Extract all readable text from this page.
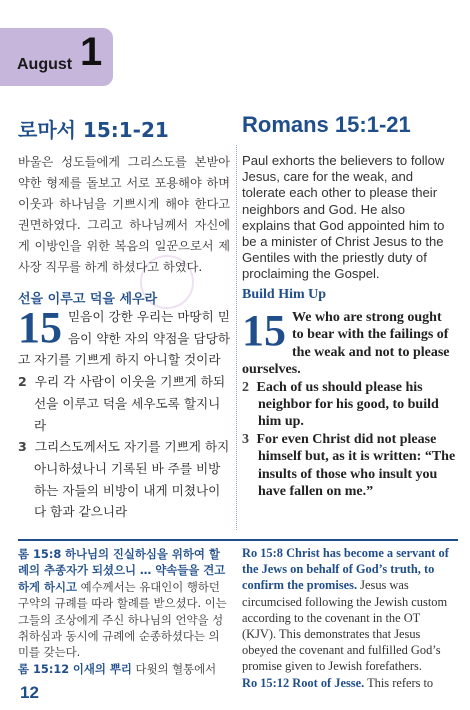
August 1
로마서 15:1-21

바울은 성도들에게 그리스도를 본받아 약한 형제를 돌보고 서로 포용해야 하며 이웃과 하나님을 기쁘시게 해야 한다고 권면하였다. 그리고 하나님께서 자신에게 이방인을 위한 복음의 일꾼으로서 제사장 직무를 하게 하셨다고 하였다.

Romans 15:1-21

Paul exhorts the believers to follow Jesus, care for the weak, and tolerate each other to please their neighbors and God. He also explains that God appointed him to be a minister of Christ Jesus to the Gentiles with the priestly duty of proclaiming the Gospel.

선을 이루고 덕을 세우라	Build Him Up

15 믿음이 강한 우리는 마땅히 믿음이 약한 자의 약점을 담당하고 자기를 기쁘게 하지 아니할 것이라

2 우리 각 사람이 이웃을 기쁘게 하되 선을 이루고 덕을 세우도록 할지니라

3 그리스도께서도 자기를 기쁘게 하지 아니하셨나니 기록된 바 주를 비방하는 자들의 비방이 내게 미쳤나이다 함과 같으니라

15 We who are strong ought to bear with the failings of the weak and not to please ourselves.

2 Each of us should please his neighbor for his good, to build him up.

3 For even Christ did not please himself but, as it is written: “The insults of those who insult you have fallen on me.”

롬 15:8 하나님의 진실하심을 위하여 할례의 추종자가 되셨으니 … 약속들을 견고하게 하시고 예수께서는 유대인이 행하던 구약의 규례를 따라 할례를 받으셨다. 이는 그들의 조상에게 주신 하나님의 언약을 성취하심과 동시에 규례에 순종하셨다는 의미를 갖는다.

롬 15:12 이새의 뿌리 다윗의 혈통에서

Ro 15:8 Christ has become a servant of the Jews on behalf of God’s truth, to confirm the promises. Jesus was circumcised following the Jewish custom according to the covenant in the OT (KJV). This demonstrates that Jesus obeyed the covenant and fulfilled God’s promise given to Jewish forefathers.

Ro 15:12 Root of Jesse. This refers to

12
